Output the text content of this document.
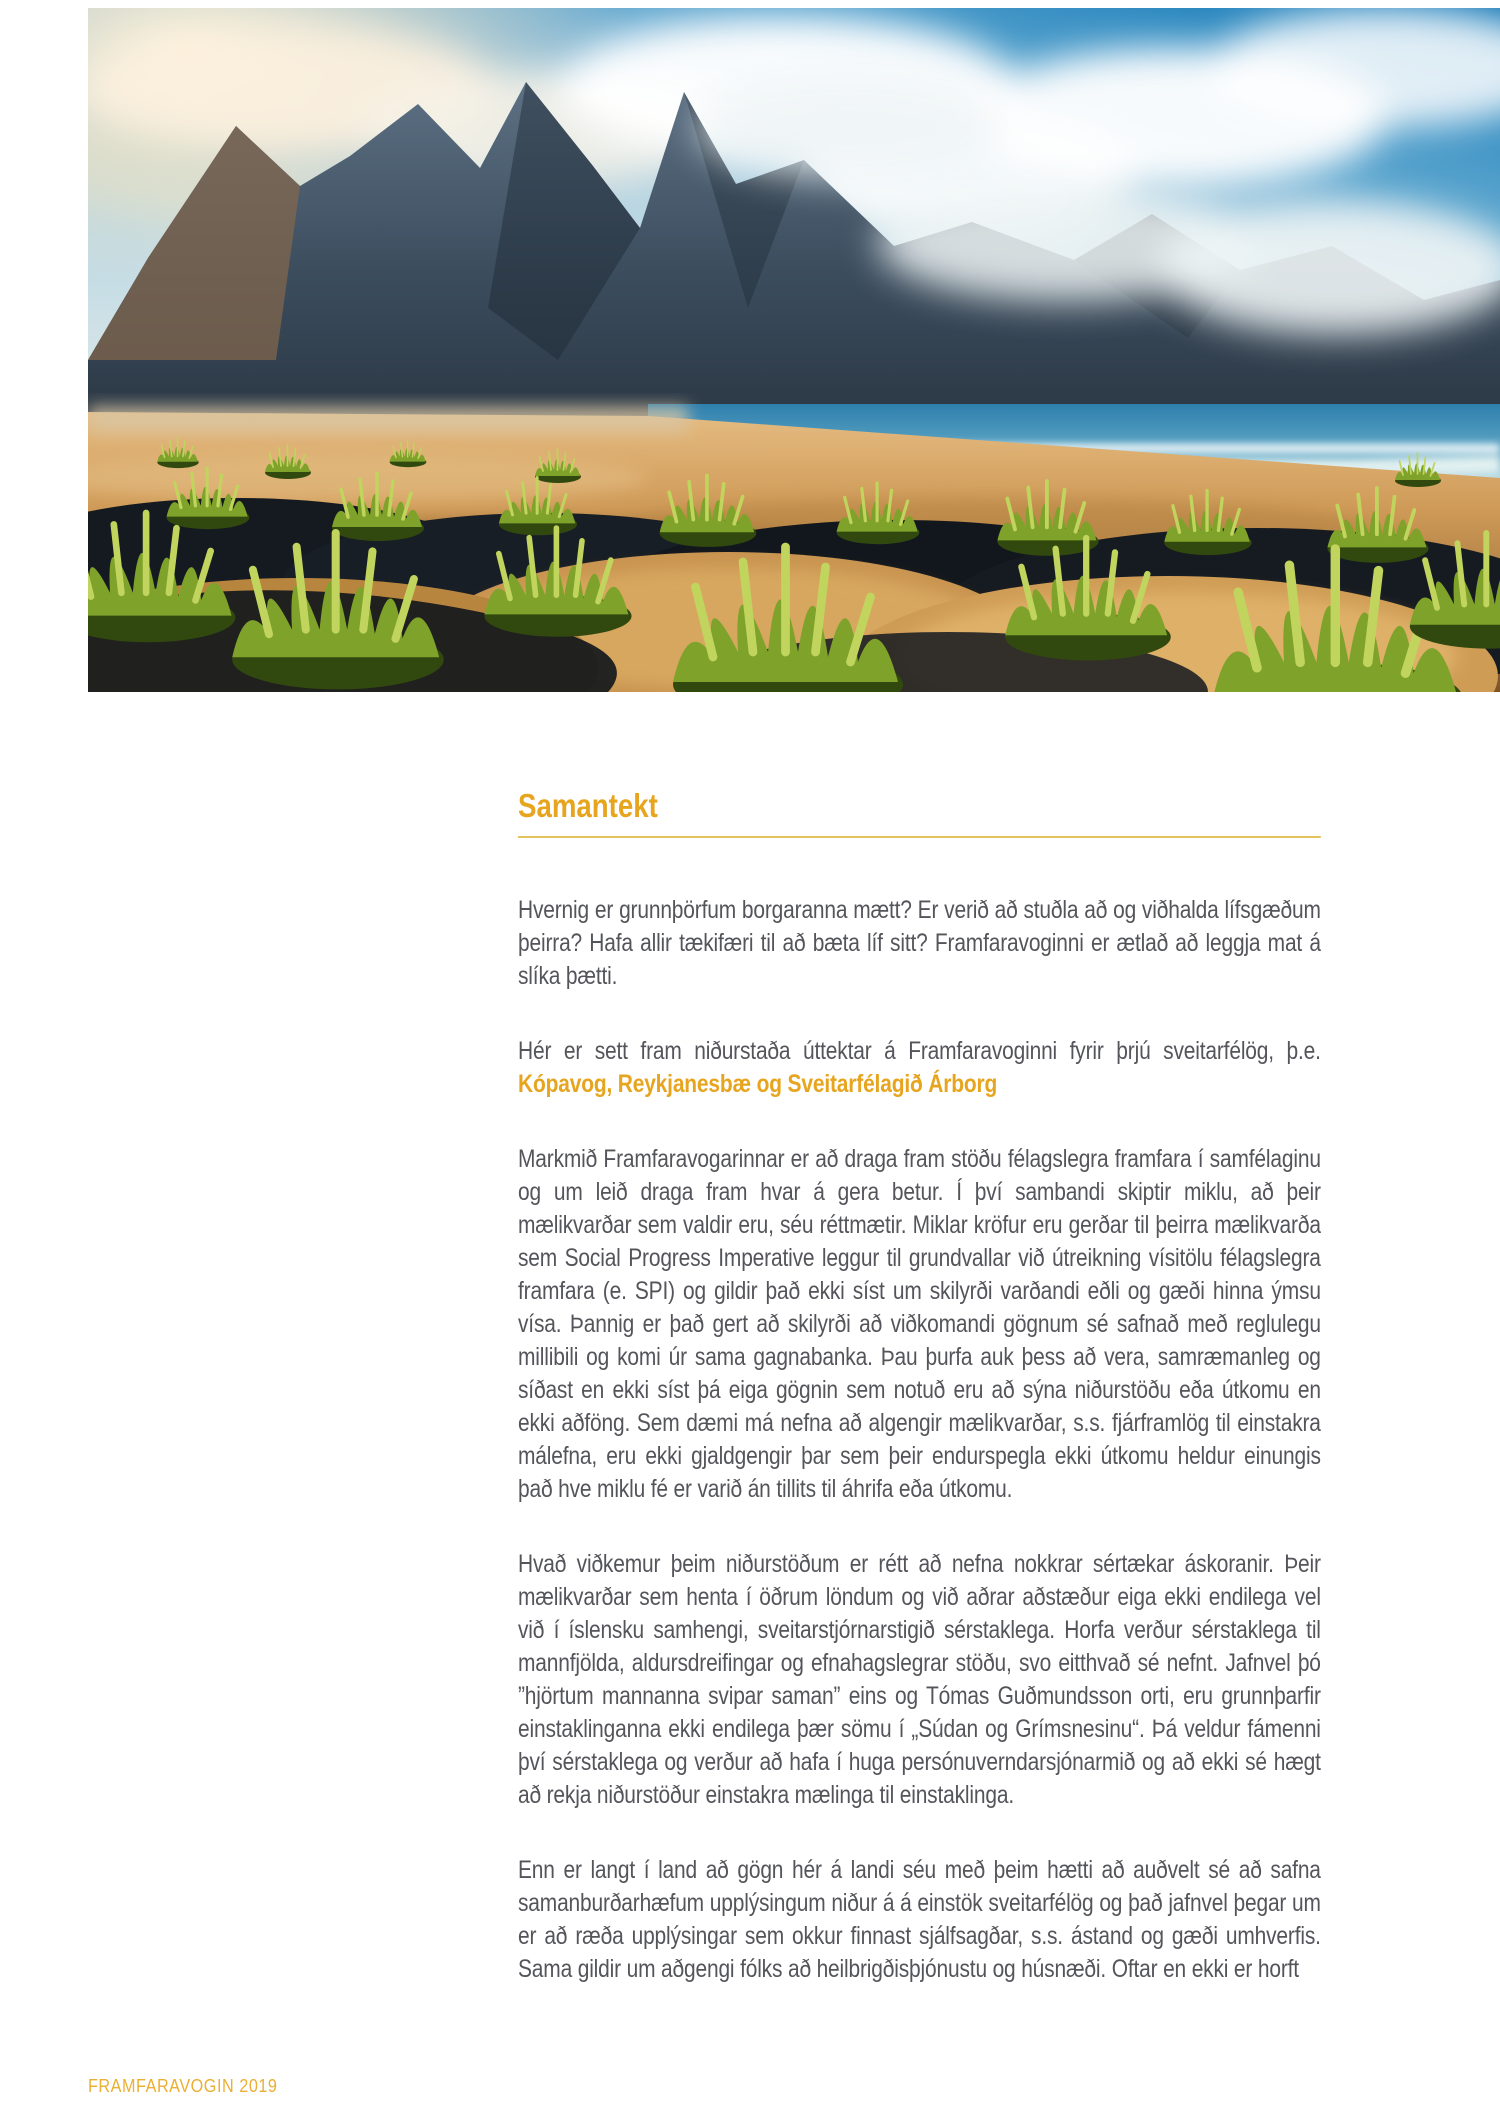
Samantekt

Hvernig er grunnþörfum borgaranna mætt? Er verið að stuðla að og viðhalda lífsgæðum þeirra? Hafa allir tækifæri til að bæta líf sitt? Framfaravoginni er ætlað að leggja mat á slíka þætti.

Hér er sett fram niðurstaða úttektar á Framfaravoginni fyrir þrjú sveitarfélög, þ.e. Kópavog, Reykjanesbæ og Sveitarfélagið Árborg

Markmið Framfaravogarinnar er að draga fram stöðu félagslegra framfara í samfélaginu og um leið draga fram hvar á gera betur. Í því sambandi skiptir miklu, að þeir mælikvarðar sem valdir eru, séu réttmætir. Miklar kröfur eru gerðar til þeirra mælikvarða sem Social Progress Imperative leggur til grundvallar við útreikning vísitölu félagslegra framfara (e. SPI) og gildir það ekki síst um skilyrði varðandi eðli og gæði hinna ýmsu vísa. Þannig er það gert að skilyrði að viðkomandi gögnum sé safnað með reglulegu millibili og komi úr sama gagnabanka. Þau þurfa auk þess að vera, samræmanleg og síðast en ekki síst þá eiga gögnin sem notuð eru að sýna niðurstöðu eða útkomu en ekki aðföng. Sem dæmi má nefna að algengir mælikvarðar, s.s. fjárframlög til einstakra málefna, eru ekki gjaldgengir þar sem þeir endurspegla ekki útkomu heldur einungis það hve miklu fé er varið án tillits til áhrifa eða útkomu.

Hvað viðkemur þeim niðurstöðum er rétt að nefna nokkrar sértækar áskoranir. Þeir mælikvarðar sem henta í öðrum löndum og við aðrar aðstæður eiga ekki endilega vel við í íslensku samhengi, sveitarstjórnarstigið sérstaklega. Horfa verður sérstaklega til mannfjölda, aldursdreifingar og efnahagslegrar stöðu, svo eitthvað sé nefnt. Jafnvel þó ”hjörtum mannanna svipar saman” eins og Tómas Guðmundsson orti, eru grunnþarfir einstaklinganna ekki endilega þær sömu í „Súdan og Grímsnesinu“. Þá veldur fámenni því sérstaklega og verður að hafa í huga persónuverndarsjónarmið og að ekki sé hægt að rekja niðurstöður einstakra mælinga til einstaklinga.

Enn er langt í land að gögn hér á landi séu með þeim hætti að auðvelt sé að safna samanburðarhæfum upplýsingum niður á á einstök sveitarfélög og það jafnvel þegar um er að ræða upplýsingar sem okkur finnast sjálfsagðar, s.s. ástand og gæði umhverfis. Sama gildir um aðgengi fólks að heilbrigðisþjónustu og húsnæði. Oftar en ekki er horft

FRAMFARAVOGIN 2019
